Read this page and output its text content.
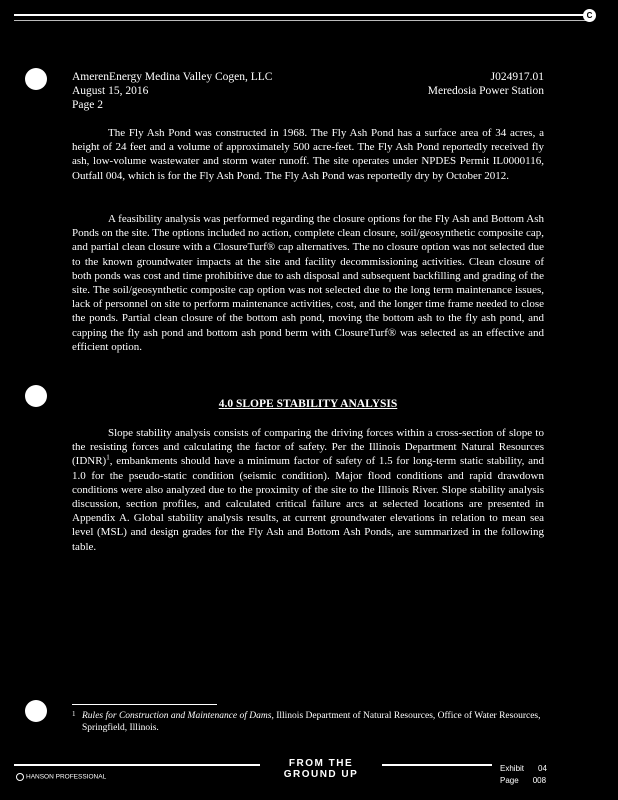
C
AmerenEnergy Medina Valley Cogen, LLC	J024917.01
August 15, 2016	Meredosia Power Station
Page 2

The Fly Ash Pond was constructed in 1968. The Fly Ash Pond has a surface area of 34 acres, a height of 24 feet and a volume of approximately 500 acre-feet. The Fly Ash Pond reportedly received fly ash, low-volume wastewater and storm water runoff. The site operates under NPDES Permit IL0000116, Outfall 004, which is for the Fly Ash Pond. The Fly Ash Pond was reportedly dry by October 2012.

A feasibility analysis was performed regarding the closure options for the Fly Ash and Bottom Ash Ponds on the site. The options included no action, complete clean closure, soil/geosynthetic composite cap, and partial clean closure with a ClosureTurf® cap alternatives. The no closure option was not selected due to the known groundwater impacts at the site and facility decommissioning activities. Clean closure of both ponds was cost and time prohibitive due to ash disposal and subsequent backfilling and grading of the site. The soil/geosynthetic composite cap option was not selected due to the long term maintenance issues, lack of personnel on site to perform maintenance activities, cost, and the longer time frame needed to close the ponds. Partial clean closure of the bottom ash pond, moving the bottom ash to the fly ash pond, and capping the fly ash pond and bottom ash pond berm with ClosureTurf® was selected as an effective and efficient option.

4.0 SLOPE STABILITY ANALYSIS

Slope stability analysis consists of comparing the driving forces within a cross-section of slope to the resisting forces and calculating the factor of safety. Per the Illinois Department Natural Resources (IDNR)$^1$, embankments should have a minimum factor of safety of 1.5 for long-term static stability, and 1.0 for the pseudo-static condition (seismic condition). Major flood conditions and rapid drawdown conditions were also analyzed due to the proximity of the site to the Illinois River. Slope stability analysis discussion, section profiles, and calculated critical failure arcs at selected locations are presented in Appendix A. Global stability analysis results, at current groundwater elevations in relation to mean sea level (MSL) and design grades for the Fly Ash and Bottom Ash Ponds, are summarized in the following table.

1 Rules for Construction and Maintenance of Dams, Illinois Department of Natural Resources, Office of Water Resources, Springfield, Illinois.
FROM THE GROUND UP
Exhibit 04
Page 008
HANSON PROFESSIONAL
